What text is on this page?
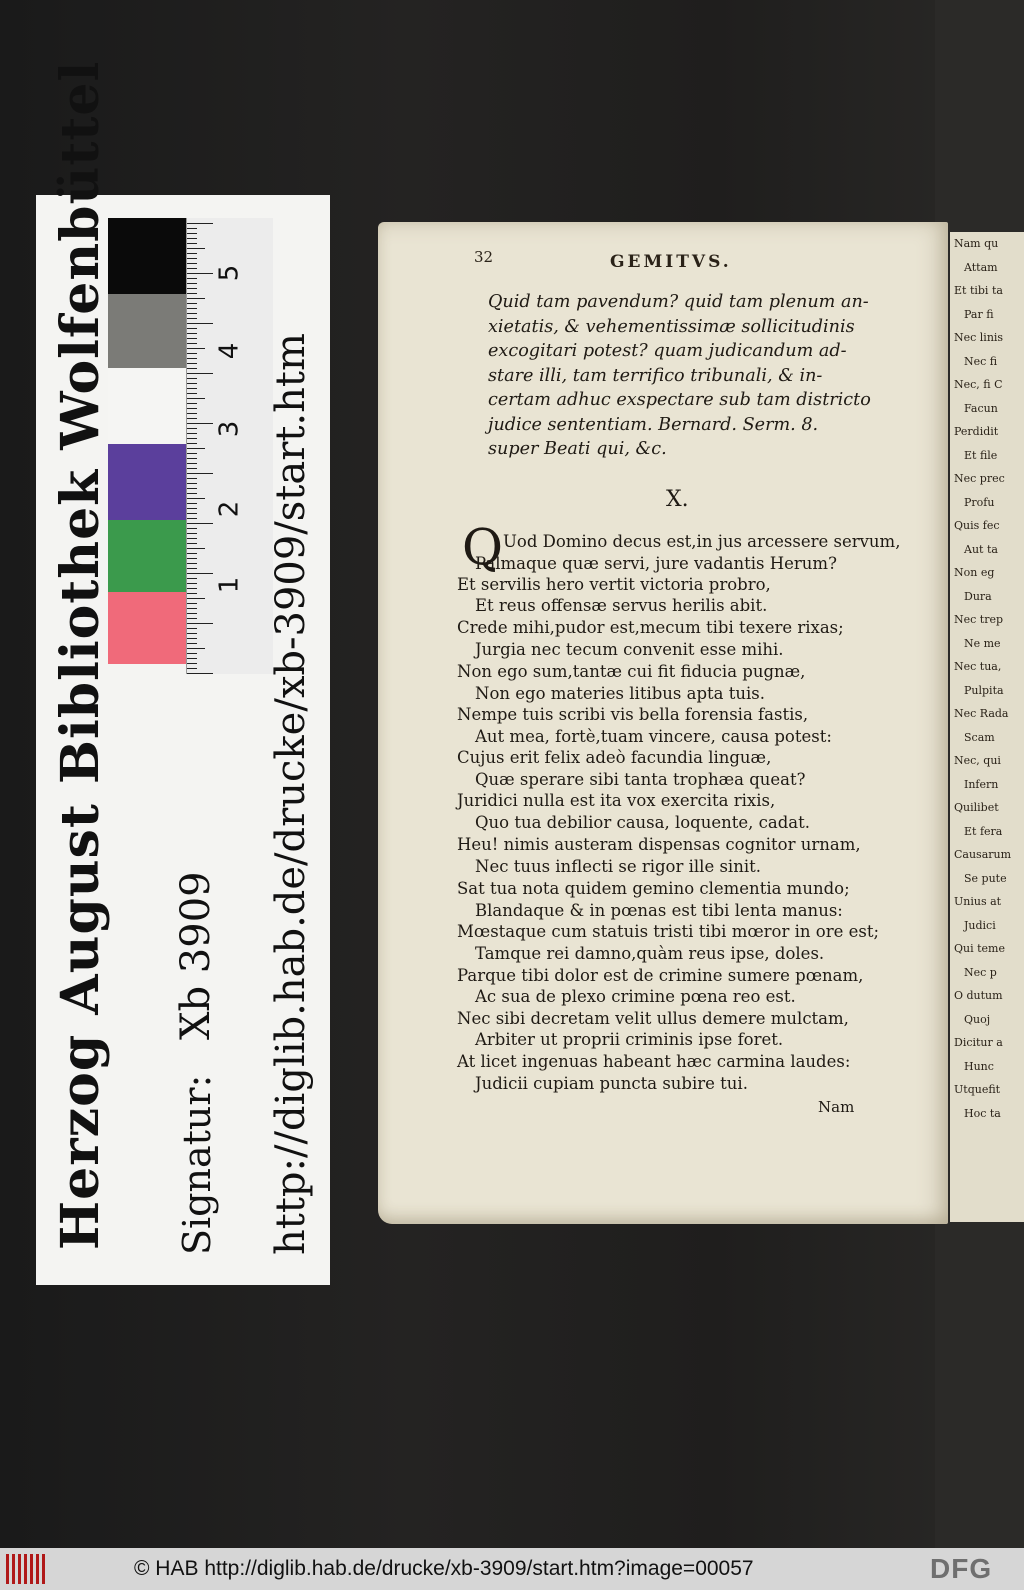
5
4
3
2
1
Herzog August Bibliothek Wolfenbüttel Signatur:
Xb 3909 http://diglib.hab.de/drucke/xb-3909/start.htm
Nam qu
Attam
Et tibi ta
Par fi
Nec linis
Nec fi
Nec, fi C
Facun
Perdidit
Et file
Nec prec
Profu
Quis fec
Aut ta
Non eg
Dura
Nec trep
Ne me
Nec tua,
Pulpita
Nec Rada
Scam
Nec, qui
Infern
Quilibet
Et fera
Causarum
Se pute
Unius at
Judici
Qui teme
Nec p
O dutum
Quoj
Dicitur a
Hunc
Utquefit
Hoc ta
32	GEMITVS.
Quid tam pavendum? quid tam plenum an-
xietatis, & vehementissimæ sollicitudinis
excogitari potest? quam judicandum ad-
stare illi, tam terrifico tribunali, & in-
certam adhuc exspectare sub tam districto
judice sententiam. Bernard. Serm. 8.
super Beati qui, &c.
X.
Q Uod Domino decus est,in jus arcessere servum,
Palmaque quæ servi, jure vadantis Herum?
Et servilis hero vertit victoria probro,
Et reus offensæ servus herilis abit.
Crede mihi,pudor est,mecum tibi texere rixas;
Jurgia nec tecum convenit esse mihi.
Non ego sum,tantæ cui fit fiducia pugnæ,
Non ego materies litibus apta tuis.
Nempe tuis scribi vis bella forensia fastis,
Aut mea, fortè,tuam vincere, causa potest:
Cujus erit felix adeò facundia linguæ,
Quæ sperare sibi tanta trophæa queat?
Juridici nulla est ita vox exercita rixis,
Quo tua debilior causa, loquente, cadat.
Heu! nimis austeram dispensas cognitor urnam,
Nec tuus inflecti se rigor ille sinit.
Sat tua nota quidem gemino clementia mundo;
Blandaque & in pœnas est tibi lenta manus:
Mœstaque cum statuis tristi tibi mœror in ore est;
Tamque rei damno,quàm reus ipse, doles.
Parque tibi dolor est de crimine sumere pœnam,
Ac sua de plexo crimine pœna reo est.
Nec sibi decretam velit ullus demere mulctam,
Arbiter ut proprii criminis ipse foret.
At licet ingenuas habeant hæc carmina laudes:
Judicii cupiam puncta subire tui.
Nam
© HAB http://diglib.hab.de/drucke/xb-3909/start.htm?image=00057	DFG
